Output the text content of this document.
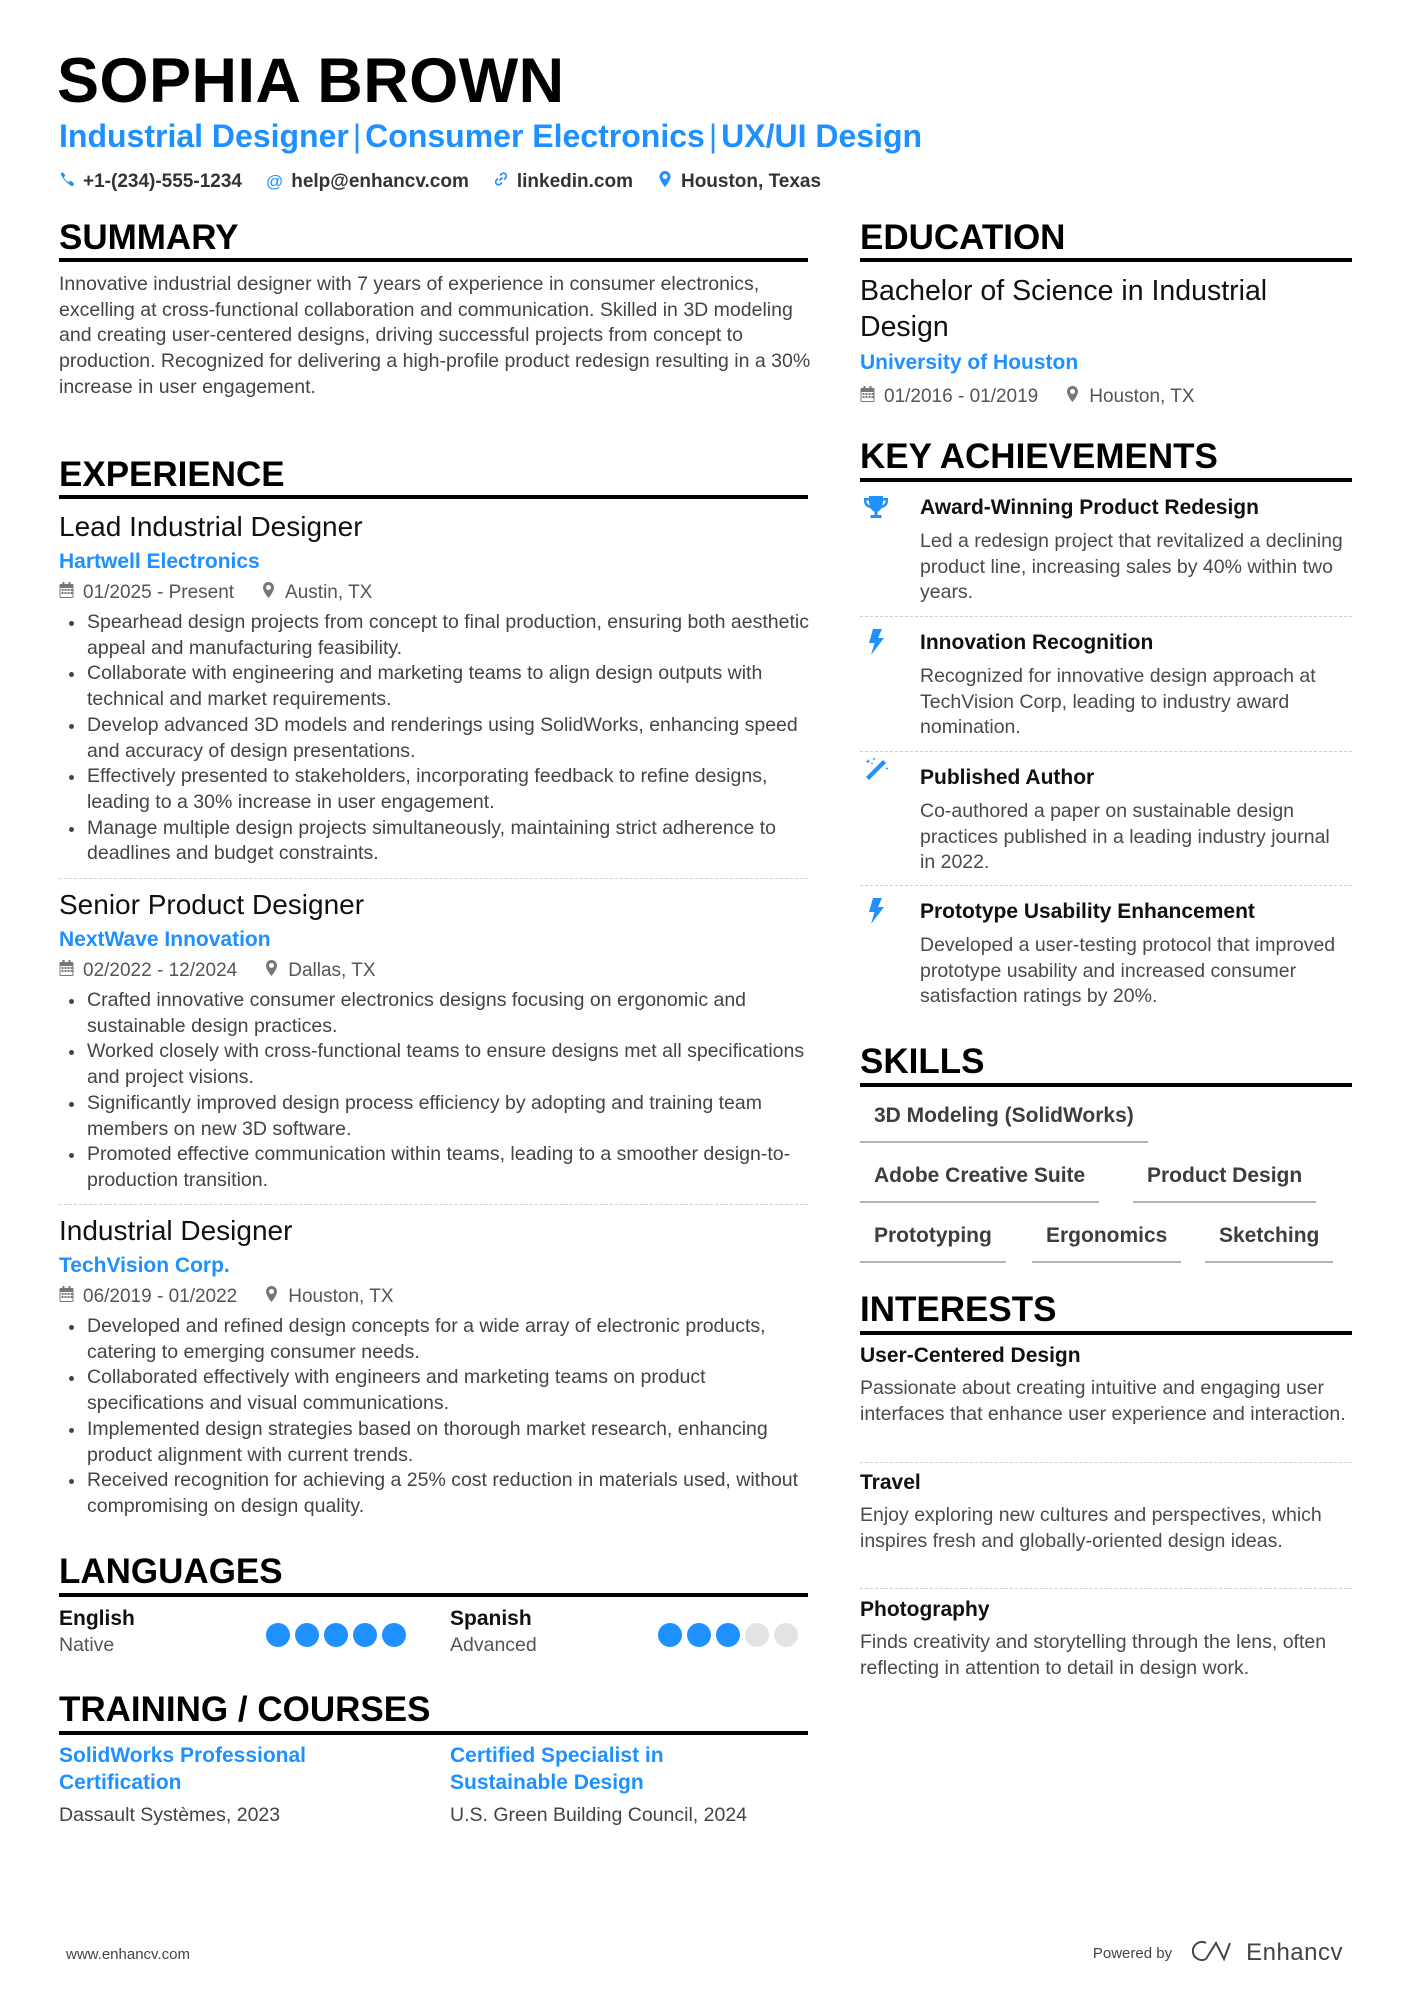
SOPHIA BROWN
Industrial Designer | Consumer Electronics | UX/UI Design
+1-(234)-555-1234 @ help@enhancv.com	linkedin.com	Houston, Texas
SUMMARY
Innovative industrial designer with 7 years of experience in consumer electronics, excelling at cross-functional collaboration and communication. Skilled in 3D modeling and creating user-centered designs, driving successful projects from concept to production. Recognized for delivering a high-profile product redesign resulting in a 30% increase in user engagement.
EXPERIENCE
Lead Industrial Designer
Hartwell Electronics
01/2025 - Present	Austin, TX
Spearhead design projects from concept to final production, ensuring both aesthetic appeal and manufacturing feasibility.
Collaborate with engineering and marketing teams to align design outputs with technical and market requirements.
Develop advanced 3D models and renderings using SolidWorks, enhancing speed and accuracy of design presentations.
Effectively presented to stakeholders, incorporating feedback to refine designs, leading to a 30% increase in user engagement.
Manage multiple design projects simultaneously, maintaining strict adherence to deadlines and budget constraints.
Senior Product Designer
NextWave Innovation
02/2022 - 12/2024	Dallas, TX
Crafted innovative consumer electronics designs focusing on ergonomic and sustainable design practices.
Worked closely with cross-functional teams to ensure designs met all specifications and project visions.
Significantly improved design process efficiency by adopting and training team members on new 3D software.
Promoted effective communication within teams, leading to a smoother design-to-production transition.
Industrial Designer
TechVision Corp.
06/2019 - 01/2022	Houston, TX
Developed and refined design concepts for a wide array of electronic products, catering to emerging consumer needs.
Collaborated effectively with engineers and marketing teams on product specifications and visual communications.
Implemented design strategies based on thorough market research, enhancing product alignment with current trends.
Received recognition for achieving a 25% cost reduction in materials used, without compromising on design quality.
LANGUAGES
English
Native
Spanish
Advanced
TRAINING / COURSES
SolidWorks Professional Certification
Dassault Systèmes, 2023
Certified Specialist in Sustainable Design
U.S. Green Building Council, 2024
EDUCATION
Bachelor of Science in Industrial Design
University of Houston
01/2016 - 01/2019	Houston, TX
KEY ACHIEVEMENTS
Award-Winning Product Redesign
Led a redesign project that revitalized a declining product line, increasing sales by 40% within two years.
Innovation Recognition
Recognized for innovative design approach at TechVision Corp, leading to industry award nomination.
Published Author
Co-authored a paper on sustainable design practices published in a leading industry journal in 2022.
Prototype Usability Enhancement
Developed a user-testing protocol that improved prototype usability and increased consumer satisfaction ratings by 20%.
SKILLS
3D Modeling (SolidWorks)
Adobe Creative Suite	Product Design
Prototyping	Ergonomics	Sketching
INTERESTS
User-Centered Design
Passionate about creating intuitive and engaging user interfaces that enhance user experience and interaction.
Travel
Enjoy exploring new cultures and perspectives, which inspires fresh and globally-oriented design ideas.
Photography
Finds creativity and storytelling through the lens, often reflecting in attention to detail in design work.
www.enhancv.com	Powered by	Enhancv
